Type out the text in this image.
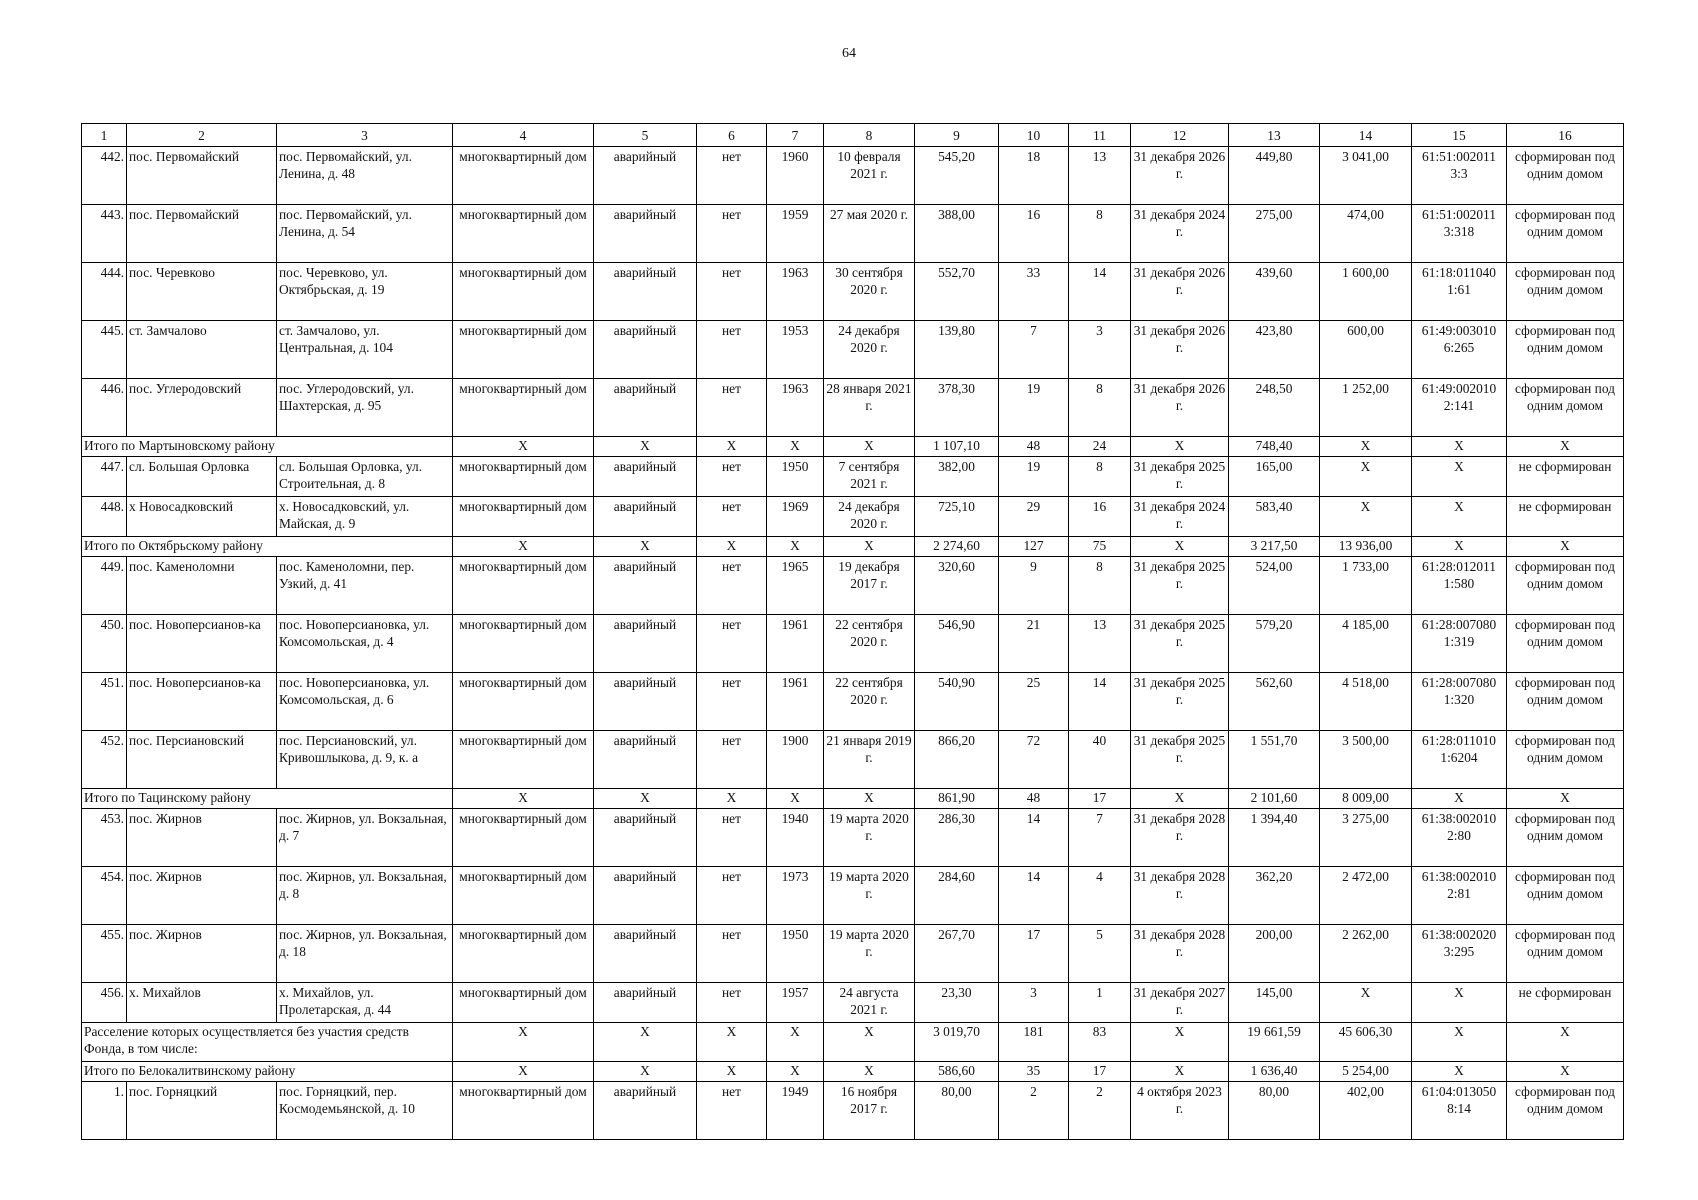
64
1	2	3	4	5	6	7	8	9	10	11	12	13	14	15	16
442.	пос. Первомайский	пос. Первомайский, ул. Ленина, д. 48	многоквартирный дом	аварийный	нет	1960	10 февраля 2021 г.	545,20	18	13	31 декабря 2026 г.	449,80	3 041,00	61:51:002011 3:3	сформирован под одним домом
443.	пос. Первомайский	пос. Первомайский, ул. Ленина, д. 54	многоквартирный дом	аварийный	нет	1959	27 мая 2020 г.	388,00	16	8	31 декабря 2024 г.	275,00	474,00	61:51:002011 3:318	сформирован под одним домом
444.	пос. Черевково	пос. Черевково, ул. Октябрьская, д. 19	многоквартирный дом	аварийный	нет	1963	30 сентября 2020 г.	552,70	33	14	31 декабря 2026 г.	439,60	1 600,00	61:18:011040 1:61	сформирован под одним домом
445.	ст. Замчалово	ст. Замчалово, ул. Центральная, д. 104	многоквартирный дом	аварийный	нет	1953	24 декабря 2020 г.	139,80	7	3	31 декабря 2026 г.	423,80	600,00	61:49:003010 6:265	сформирован под одним домом
446.	пос. Углеродовский	пос. Углеродовский, ул. Шахтерская, д. 95	многоквартирный дом	аварийный	нет	1963	28 января 2021 г.	378,30	19	8	31 декабря 2026 г.	248,50	1 252,00	61:49:002010 2:141	сформирован под одним домом
Итого по Мартыновскому району			Х	Х	Х	Х	Х	1 107,10	48	24	Х	748,40	Х	Х	Х
447.	сл. Большая Орловка	сл. Большая Орловка, ул. Строительная, д. 8	многоквартирный дом	аварийный	нет	1950	7 сентября 2021 г.	382,00	19	8	31 декабря 2025 г.	165,00	Х	Х	не сформирован
448.	х Новосадковский	х. Новосадковский, ул. Майская, д. 9	многоквартирный дом	аварийный	нет	1969	24 декабря 2020 г.	725,10	29	16	31 декабря 2024 г.	583,40	Х	Х	не сформирован
Итого по Октябрьскому району			Х	Х	Х	Х	Х	2 274,60	127	75	Х	3 217,50	13 936,00	Х	Х
449.	пос. Каменоломни	пос. Каменоломни, пер. Узкий, д. 41	многоквартирный дом	аварийный	нет	1965	19 декабря 2017 г.	320,60	9	8	31 декабря 2025 г.	524,00	1 733,00	61:28:012011 1:580	сформирован под одним домом
450.	пос. Новоперсианов-ка	пос. Новоперсиановка, ул. Комсомольская, д. 4	многоквартирный дом	аварийный	нет	1961	22 сентября 2020 г.	546,90	21	13	31 декабря 2025 г.	579,20	4 185,00	61:28:007080 1:319	сформирован под одним домом
451.	пос. Новоперсианов-ка	пос. Новоперсиановка, ул. Комсомольская, д. 6	многоквартирный дом	аварийный	нет	1961	22 сентября 2020 г.	540,90	25	14	31 декабря 2025 г.	562,60	4 518,00	61:28:007080 1:320	сформирован под одним домом
452.	пос. Персиановский	пос. Персиановский, ул. Кривошлыкова, д. 9, к. а	многоквартирный дом	аварийный	нет	1900	21 января 2019 г.	866,20	72	40	31 декабря 2025 г.	1 551,70	3 500,00	61:28:011010 1:6204	сформирован под одним домом
Итого по Тацинскому району			Х	Х	Х	Х	Х	861,90	48	17	Х	2 101,60	8 009,00	Х	Х
453.	пос. Жирнов	пос. Жирнов, ул. Вокзальная, д. 7	многоквартирный дом	аварийный	нет	1940	19 марта 2020 г.	286,30	14	7	31 декабря 2028 г.	1 394,40	3 275,00	61:38:002010 2:80	сформирован под одним домом
454.	пос. Жирнов	пос. Жирнов, ул. Вокзальная, д. 8	многоквартирный дом	аварийный	нет	1973	19 марта 2020 г.	284,60	14	4	31 декабря 2028 г.	362,20	2 472,00	61:38:002010 2:81	сформирован под одним домом
455.	пос. Жирнов	пос. Жирнов, ул. Вокзальная, д. 18	многоквартирный дом	аварийный	нет	1950	19 марта 2020 г.	267,70	17	5	31 декабря 2028 г.	200,00	2 262,00	61:38:002020 3:295	сформирован под одним домом
456.	х. Михайлов	х. Михайлов, ул. Пролетарская, д. 44	многоквартирный дом	аварийный	нет	1957	24 августа 2021 г.	23,30	3	1	31 декабря 2027 г.	145,00	Х	Х	не сформирован
Расселение которых осуществляется без участия средств Фонда, в том числе:			Х	Х	Х	Х	Х	3 019,70	181	83	Х	19 661,59	45 606,30	Х	Х
Итого по Белокалитвинскому району			Х	Х	Х	Х	Х	586,60	35	17	Х	1 636,40	5 254,00	Х	Х
1.	пос. Горняцкий	пос. Горняцкий, пер. Космодемьянской, д. 10	многоквартирный дом	аварийный	нет	1949	16 ноября 2017 г.	80,00	2	2	4 октября 2023 г.	80,00	402,00	61:04:013050 8:14	сформирован под одним домом
